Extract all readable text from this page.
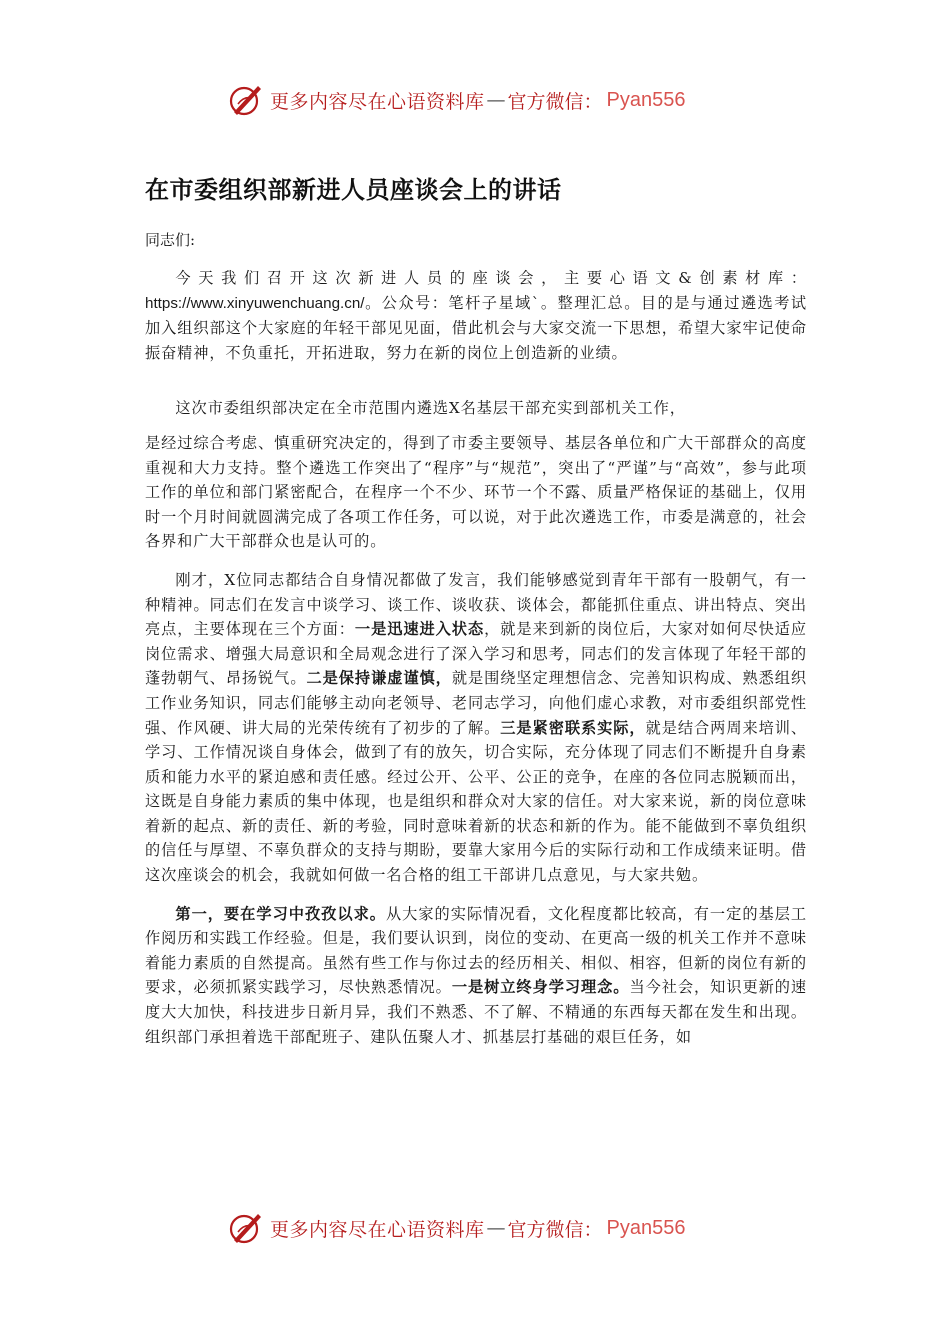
更多内容尽在心语资料库 — 官方微信： Pyan556
在市委组织部新进人员座谈会上的讲话
同志们:

今天我们召开这次新进人员的座谈会，主要心语文&创素材库：https://www.xinyuwenchuang.cn/。公众号：笔杆子星域`。整理汇总。目的是与通过遴选考试加入组织部这个大家庭的年轻干部见见面，借此机会与大家交流一下思想，希望大家牢记使命振奋精神，不负重托，开拓进取，努力在新的岗位上创造新的业绩。

这次市委组织部决定在全市范围内遴选X名基层干部充实到部机关工作，

是经过综合考虑、慎重研究决定的，得到了市委主要领导、基层各单位和广大干部群众的高度重视和大力支持。整个遴选工作突出了“程序”与“规范”，突出了“严谨”与“高效”，参与此项工作的单位和部门紧密配合，在程序一个不少、环节一个不露、质量严格保证的基础上，仅用时一个月时间就圆满完成了各项工作任务，可以说，对于此次遴选工作，市委是满意的，社会各界和广大干部群众也是认可的。

刚才，X位同志都结合自身情况都做了发言，我们能够感觉到青年干部有一股朝气，有一种精神。同志们在发言中谈学习、谈工作、谈收获、谈体会，都能抓住重点、讲出特点、突出亮点，主要体现在三个方面：一是迅速进入状态，就是来到新的岗位后，大家对如何尽快适应岗位需求、增强大局意识和全局观念进行了深入学习和思考，同志们的发言体现了年轻干部的蓬勃朝气、昂扬锐气。二是保持谦虚谨慎，就是围绕坚定理想信念、完善知识构成、熟悉组织工作业务知识，同志们能够主动向老领导、老同志学习，向他们虚心求教，对市委组织部党性强、作风硬、讲大局的光荣传统有了初步的了解。三是紧密联系实际，就是结合两周来培训、学习、工作情况谈自身体会，做到了有的放矢，切合实际，充分体现了同志们不断提升自身素质和能力水平的紧迫感和责任感。经过公开、公平、公正的竞争，在座的各位同志脱颖而出，这既是自身能力素质的集中体现，也是组织和群众对大家的信任。对大家来说，新的岗位意味着新的起点、新的责任、新的考验，同时意味着新的状态和新的作为。能不能做到不辜负组织的信任与厚望、不辜负群众的支持与期盼，要靠大家用今后的实际行动和工作成绩来证明。借这次座谈会的机会，我就如何做一名合格的组工干部讲几点意见，与大家共勉。

第一，要在学习中孜孜以求。从大家的实际情况看，文化程度都比较高，有一定的基层工作阅历和实践工作经验。但是，我们要认识到，岗位的变动、在更高一级的机关工作并不意味着能力素质的自然提高。虽然有些工作与你过去的经历相关、相似、相容，但新的岗位有新的要求，必须抓紧实践学习，尽快熟悉情况。一是树立终身学习理念。当今社会，知识更新的速度大大加快，科技进步日新月异，我们不熟悉、不了解、不精通的东西每天都在发生和出现。组织部门承担着选干部配班子、建队伍聚人才、抓基层打基础的艰巨任务，如

更多内容尽在心语资料库 — 官方微信： Pyan556
